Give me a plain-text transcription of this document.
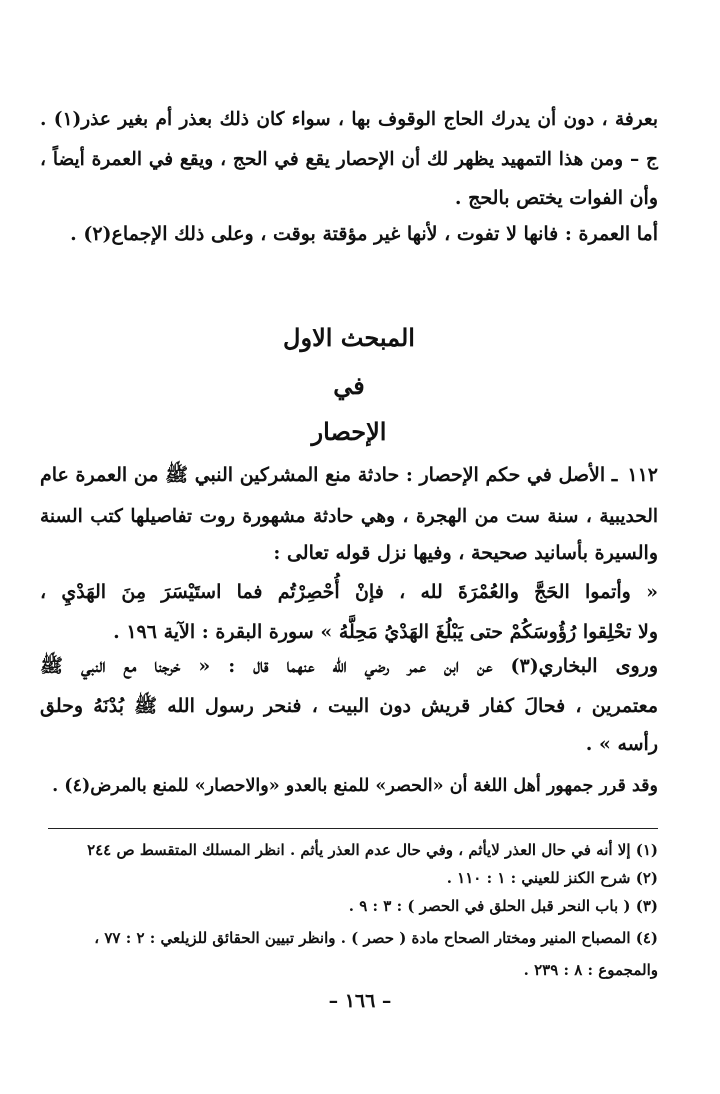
بعرفة ، دون أن يدرك الحاج الوقوف بها ، سواء كان ذلك بعذر أم بغير عذر(١) .
ج – ومن هذا التمهيد يظهر لك أن الإحصار يقع في الحج ، ويقع في العمرة أيضاً ،
وأن الفوات يختص بالحج .
أما العمرة : فانها لا تفوت ، لأنها غير مؤقتة بوقت ، وعلى ذلك الإجماع(٢) .
المبحث الاول
في
الإحصار
١١٢ـ الأصل في حكم الإحصار : حادثة منع المشركين النبي ﷺ من العمرة عام
الحديبية ، سنة ست من الهجرة ، وهي حادثة مشهورة روت تفاصيلها كتب السنة
والسيرة بأسانيد صحيحة ، وفيها نزل قوله تعالى :
« وأتموا الحَجَّ والعُمْرَةَ لله ، فإنْ أُحْصِرْتُم فما استَيْسَرَ مِنَ الهَدْيِ ،
ولا تحْلِقوا رُؤُوسَكُمْ حتى يَبْلُغَ الهَدْيُ مَحِلَّهُ » سورة البقرة : الآية ١٩٦ .
وروى البخاري(٣) عن ابن عمر رضي الله عنهما قال : « خرجنا مع النبي ﷺ
معتمرين ، فحالَ كفار قريش دون البيت ، فنحر رسول الله ﷺ بُدْنَهُ وحلق
رأسه » .
وقد قرر جمهور أهل اللغة أن «الحصر» للمنع بالعدو «والاحصار» للمنع بالمرض(٤) .
(١) إلا أنه في حال العذر لايأثم ، وفي حال عدم العذر يأثم . انظر المسلك المتقسط ص ٢٤٤
(٢) شرح الكنز للعيني : ١ : ١١٠ .
(٣) ( باب النحر قبل الحلق في الحصر ) : ٣ : ٩ .
(٤) المصباح المنير ومختار الصحاح مادة ( حصر ) . وانظر تبيين الحقائق للزيلعي : ٢ : ٧٧ ،
والمجموع : ٨ : ٢٣٩ .
– ١٦٦ –
